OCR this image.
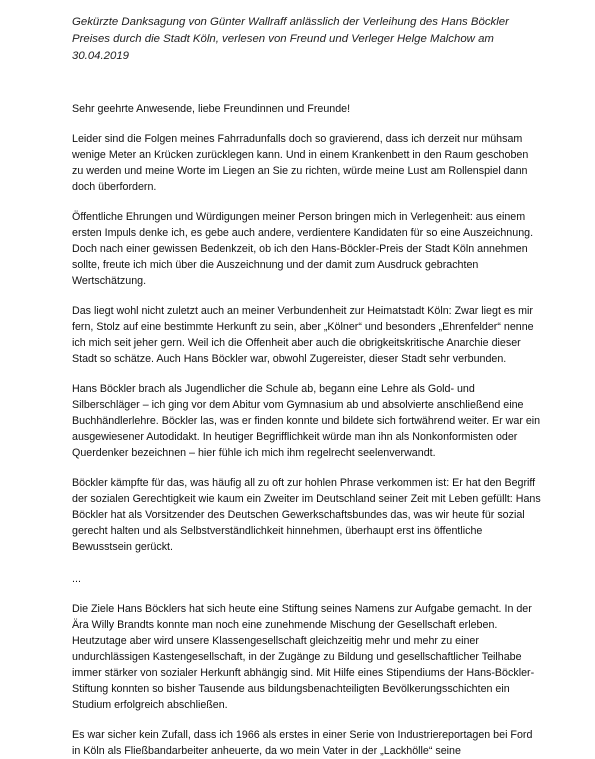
Gekürzte Danksagung von Günter Wallraff anlässlich der Verleihung des Hans Böckler Preises durch die Stadt Köln, verlesen von Freund und Verleger Helge Malchow am 30.04.2019

Sehr geehrte Anwesende, liebe Freundinnen und Freunde!

Leider sind die Folgen meines Fahrradunfalls doch so gravierend, dass ich derzeit nur mühsam wenige Meter an Krücken zurücklegen kann. Und in einem Krankenbett in den Raum geschoben zu werden und meine Worte im Liegen an Sie zu richten, würde meine Lust am Rollenspiel dann doch überfordern.

Öffentliche Ehrungen und Würdigungen meiner Person bringen mich in Verlegenheit: aus einem ersten Impuls denke ich, es gebe auch andere, verdientere Kandidaten für so eine Auszeichnung. Doch nach einer gewissen Bedenkzeit, ob ich den Hans-Böckler-Preis der Stadt Köln annehmen sollte, freute ich mich über die Auszeichnung und der damit zum Ausdruck gebrachten Wertschätzung.

Das liegt wohl nicht zuletzt auch an meiner Verbundenheit zur Heimatstadt Köln: Zwar liegt es mir fern, Stolz auf eine bestimmte Herkunft zu sein, aber „Kölner“ und besonders „Ehrenfelder“ nenne ich mich seit jeher gern. Weil ich die Offenheit aber auch die obrigkeitskritische Anarchie dieser Stadt so schätze. Auch Hans Böckler war, obwohl Zugereister, dieser Stadt sehr verbunden.

Hans Böckler brach als Jugendlicher die Schule ab, begann eine Lehre als Gold- und Silberschläger – ich ging vor dem Abitur vom Gymnasium ab und absolvierte anschließend eine Buchhändlerlehre. Böckler las, was er finden konnte und bildete sich fortwährend weiter. Er war ein ausgewiesener Autodidakt. In heutiger Begrifflichkeit würde man ihn als Nonkonformisten oder Querdenker bezeichnen – hier fühle ich mich ihm regelrecht seelenverwandt.

Böckler kämpfte für das, was häufig all zu oft zur hohlen Phrase verkommen ist: Er hat den Begriff der sozialen Gerechtigkeit wie kaum ein Zweiter im Deutschland seiner Zeit mit Leben gefüllt: Hans Böckler hat als Vorsitzender des Deutschen Gewerkschaftsbundes das, was wir heute für sozial gerecht halten und als Selbstverständlichkeit hinnehmen, überhaupt erst ins öffentliche Bewusstsein gerückt.

...

Die Ziele Hans Böcklers hat sich heute eine Stiftung seines Namens zur Aufgabe gemacht. In der Ära Willy Brandts konnte man noch eine zunehmende Mischung der Gesellschaft erleben. Heutzutage aber wird unsere Klassengesellschaft gleichzeitig mehr und mehr zu einer undurchlässigen Kastengesellschaft, in der Zugänge zu Bildung und gesellschaftlicher Teilhabe immer stärker von sozialer Herkunft abhängig sind. Mit Hilfe eines Stipendiums der Hans-Böckler-Stiftung konnten so bisher Tausende aus bildungsbenachteiligten Bevölkerungsschichten ein Studium erfolgreich abschließen.

Es war sicher kein Zufall, dass ich 1966 als erstes in einer Serie von Industriereportagen bei Ford in Köln als Fließbandarbeiter anheuerte, da wo mein Vater in der „Lackhölle“ seine
